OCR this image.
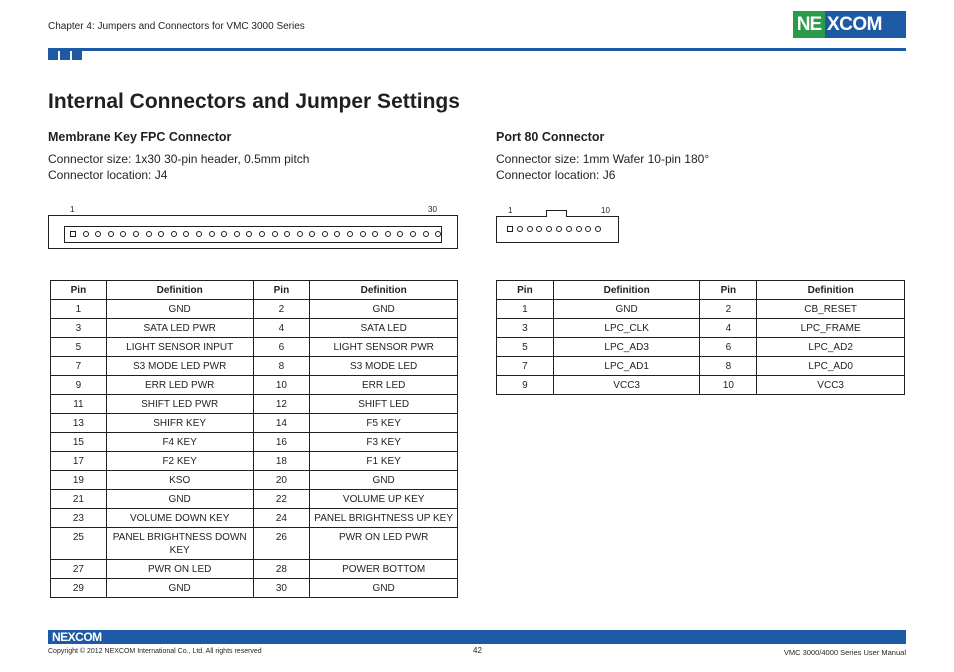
Chapter 4: Jumpers and Connectors for VMC 3000 Series	NE XCOM
Internal Connectors and Jumper Settings
Membrane Key FPC Connector
Connector size: 1x30 30-pin header, 0.5mm pitch
Connector location: J4
1	30
Pin	Definition	Pin	Definition
1	GND	2	GND
3	SATA LED PWR	4	SATA LED
5	LIGHT SENSOR INPUT	6	LIGHT SENSOR PWR
7	S3 MODE LED PWR	8	S3 MODE LED
9	ERR LED PWR	10	ERR LED
11	SHIFT LED PWR	12	SHIFT LED
13	SHIFR KEY	14	F5 KEY
15	F4 KEY	16	F3 KEY
17	F2 KEY	18	F1 KEY
19	KSO	20	GND
21	GND	22	VOLUME UP KEY
23	VOLUME DOWN KEY	24	PANEL BRIGHTNESS UP KEY
25	PANEL BRIGHTNESS DOWN KEY	26	PWR ON LED PWR
27	PWR ON LED	28	POWER BOTTOM
29	GND	30	GND
Port 80 Connector
Connector size: 1mm Wafer 10-pin 180°
Connector location: J6
1	10
Pin	Definition	Pin	Definition
1	GND	2	CB_RESET
3	LPC_CLK	4	LPC_FRAME
5	LPC_AD3	6	LPC_AD2
7	LPC_AD1	8	LPC_AD0
9	VCC3	10	VCC3
NEXCOM
Copyright © 2012 NEXCOM International Co., Ltd. All rights reserved	42	VMC 3000/4000 Series User Manual
